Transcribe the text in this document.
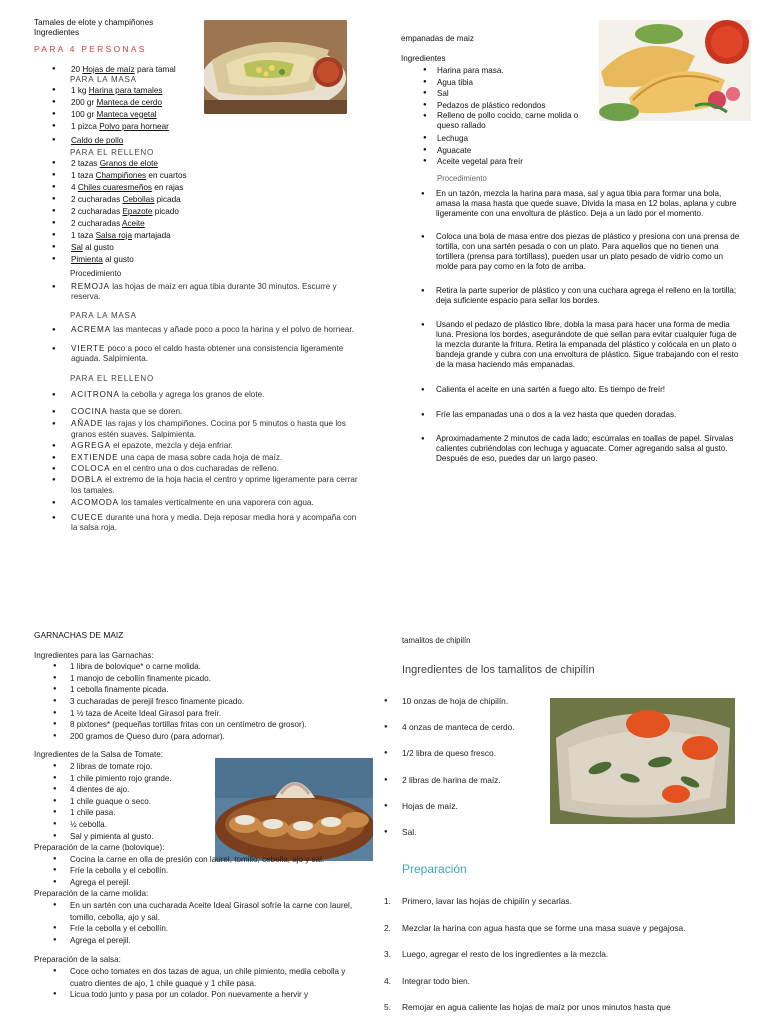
Tamales de elote y champiñones
Ingredientes
PARA 4 PERSONAS
● 20 Hojas de maíz para tamal
PARA LA MASA
● 1 kg Harina para tamales
● 200 gr Manteca de cerdo
● 100 gr Manteca vegetal
● 1 pizca Polvo para hornear
● Caldo de pollo
PARA EL RELLENO
● 2 tazas Granos de elote
● 1 taza Champiñones en cuartos
● 4 Chiles cuaresmeños en rajas
● 2 cucharadas Cebollas picada
● 2 cucharadas Epazote picado
● 2 cucharadas Aceite
● 1 taza Salsa roja martajada
● Sal al gusto
● Pimienta al gusto
Procedimiento
● REMOJA las hojas de maíz en agua tibia durante 30 minutos. Escurre y reserva.
PARA LA MASA
● ACREMA las mantecas y añade poco a poco la harina y el polvo de hornear.
● VIERTE poco a poco el caldo hasta obtener una consistencia ligeramente aguada. Salpimienta.
PARA EL RELLENO
● ACITRONA la cebolla y agrega los granos de elote.
● COCINA hasta que se doren.
● AÑADE las rajas y los champiñones. Cocina por 5 minutos o hasta que los granos estén suaves. Salpimienta.
● AGREGA el epazote, mezcla y deja enfriar.
● EXTIENDE una capa de masa sobre cada hoja de maíz.
● COLOCA en el centro una o dos cucharadas de relleno.
● DOBLA el extremo de la hoja hacia el centro y oprime ligeramente para cerrar los tamales.
● ACOMODA los tamales verticalmente en una vaporera con agua.
● CUECE durante una hora y media. Deja reposar media hora y acompaña con la salsa roja.
empanadas de maiz
Ingredientes
● Harina para masa.
● Agua tibia
● Sal
● Pedazos de plástico redondos
● Relleno de pollo cocido, carne molida o queso rallado
● Lechuga
● Aguacate
● Aceite vegetal para freír
Procedimiento
● En un tazón, mezcla la harina para masa, sal y agua tibia para formar una bola, amasa la masa hasta que quede suave. Divida la masa en 12 bolas, aplana y cubre ligeramente con una envoltura de plástico. Deja a un lado por el momento.
● Coloca una bola de masa entre dos piezas de plástico y presiona con una prensa de tortilla, con una sartén pesada o con un plato. Para aquellos que no tienen una tortillera (prensa para tortillass), pueden usar un plato pesado de vidrio como un molde para pay como en la foto de arriba.
● Retira la parte superior de plástico y con una cuchara agrega el relleno en la tortilla; deja suficiente espacio para sellar los bordes.
● Usando el pedazo de plástico libre, dobla la masa para hacer una forma de media luna. Presiona los bordes, asegurándote de que sellan para evitar cualquier fuga de la mezcla durante la fritura. Retira la empanada del plástico y colócala en un plato o bandeja grande y cubra con una envoltura de plástico. Sigue trabajando con el resto de la masa haciendo más empanadas.
● Calienta el aceite en una sartén a fuego alto. Es tiempo de freír!
● Fríe las empanadas una o dos a la vez hasta que queden doradas.
● Aproximadamente 2 minutos de cada lado; escúrralas en toallas de papel. Sírvalas calientes cubriéndolas con lechuga y aguacate. Comer agregando salsa al gusto. Después de eso, puedes dar un largo paseo.
GARNACHAS DE MAIZ
Ingredientes para las Garnachas:
● 1 libra de bolovique* o carne molida.
● 1 manojo de cebollín finamente picado.
● 1 cebolla finamente picada.
● 3 cucharadas de perejil fresco finamente picado.
● 1 ½ taza de Aceite Ideal Girasol para freír.
● 8 pixtones* (pequeñas tortillas fritas con un centímetro de grosor).
● 200 gramos de Queso duro (para adornar).
Ingredientes de la Salsa de Tomate:
● 2 libras de tomate rojo.
● 1 chile pimiento rojo grande.
● 4 dientes de ajo.
● 1 chile guaque o seco.
● 1 chile pasa.
● ½ cebolla.
● Sal y pimienta al gusto.
Preparación de la carne (bolovique):
● Cocina la carne en olla de presión con laurel, tomillo, cebolla, ajo y sal.
● Fríe la cebolla y el cebollín.
● Agrega el perejil.
Preparación de la carne molida:
● En un sartén con una cucharada Aceite Ideal Girasol sofríe la carne con laurel, tomillo, cebolla, ajo y sal.
● Fríe la cebolla y el cebollín.
● Agrega el perejil.
Preparación de la salsa:
● Coce ocho tomates en dos tazas de agua, un chile pimiento, media cebolla y cuatro dientes de ajo, 1 chile guaque y 1 chile pasa.
● Licua todo junto y pasa por un colador. Pon nuevamente a hervir y
tamalitos de chipilín
Ingredientes de los tamalitos de chipilín
● 10 onzas de hoja de chipilín.
● 4 onzas de manteca de cerdo.
● 1/2 libra de queso fresco.
● 2 libras de harina de maíz.
● Hojas de maíz.
● Sal.
Preparación
1. Primero, lavar las hojas de chipilín y secarlas.
2. Mezclar la harina con agua hasta que se forme una masa suave y pegajosa.
3. Luego, agregar el resto de los ingredientes a la mezcla.
4. Integrar todo bien.
5. Remojar en agua caliente las hojas de maíz por unos minutos hasta que
